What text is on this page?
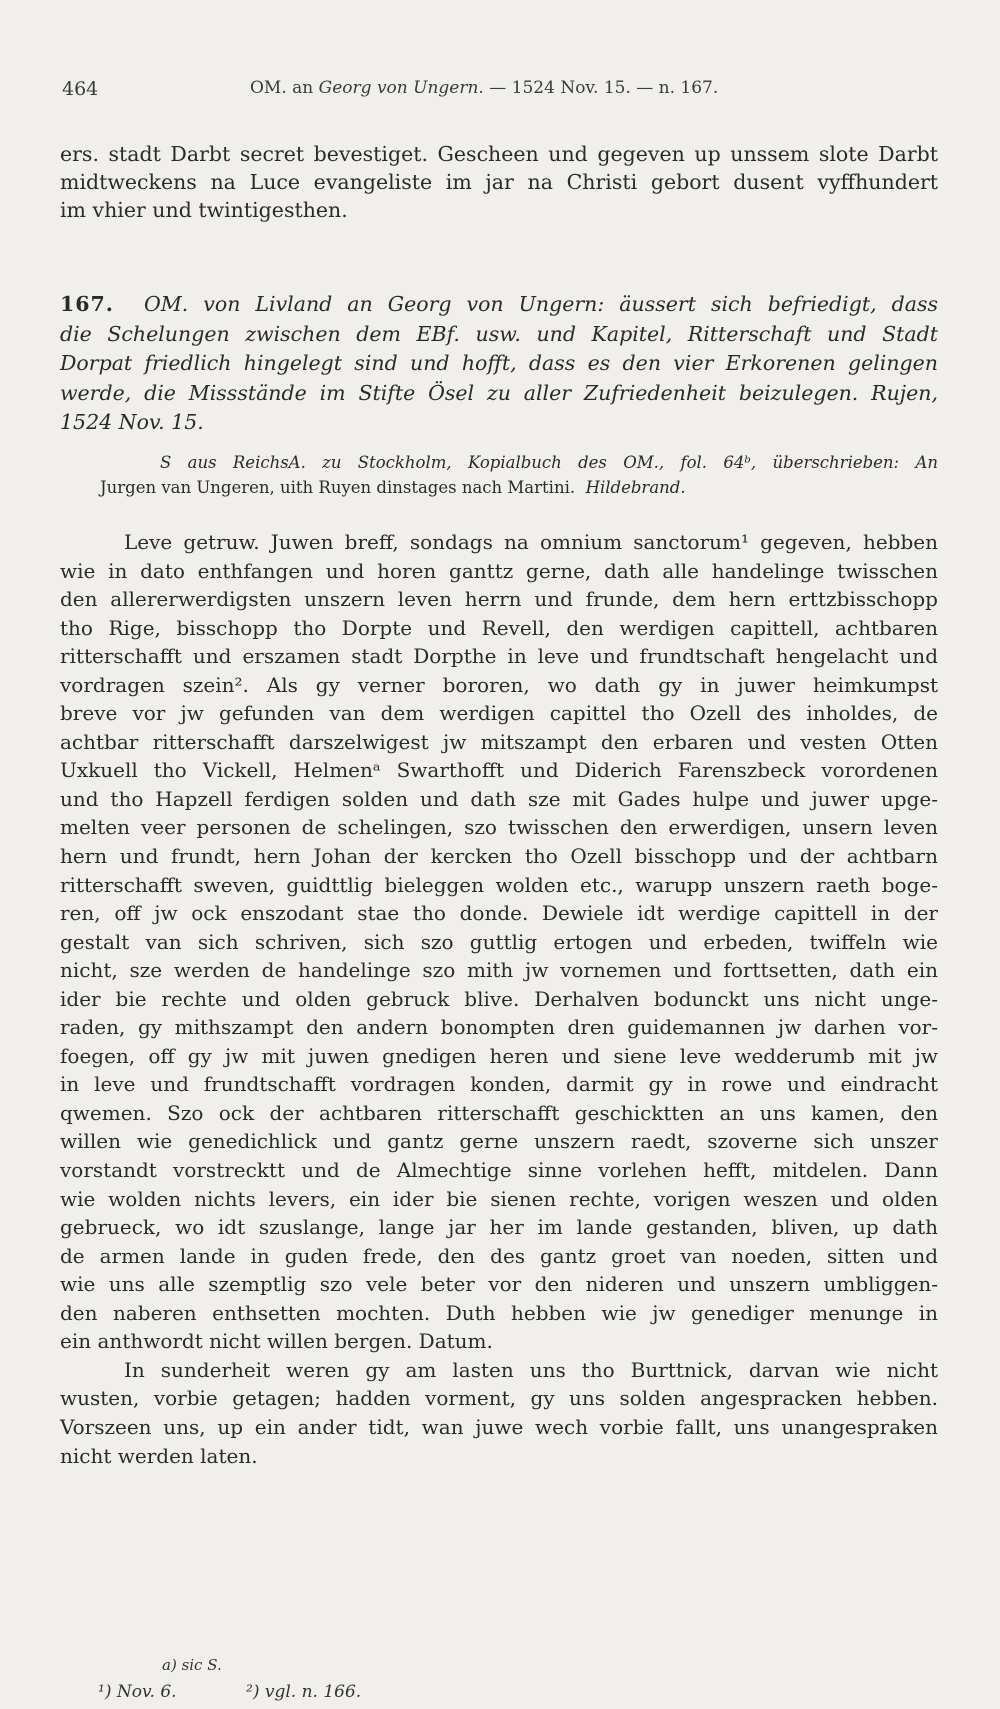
464	OM. an Georg von Ungern. — 1524 Nov. 15. — n. 167.

ers. stadt Darbt secret bevestiget. Gescheen und gegeven up unssem slote Darbt

midtweckens na Luce evangeliste im jar na Christi gebort dusent vyffhundert

im vhier und twintigesthen.

167. OM. von Livland an Georg von Ungern: äussert sich befriedigt, dass

die Schelungen zwischen dem EBf. usw. und Kapitel, Ritterschaft und Stadt

Dorpat friedlich hingelegt sind und hofft, dass es den vier Erkorenen gelingen

werde, die Missstände im Stifte Ösel zu aller Zufriedenheit beizulegen. Rujen,

1524 Nov. 15.

S aus ReichsA. zu Stockholm, Kopialbuch des OM., fol. 64ᵇ, überschrieben: An

Jurgen van Ungeren, uith Ruyen dinstages nach Martini. Hildebrand.

Leve getruw. Juwen breff, sondags na omnium sanctorum¹ gegeven, hebben

wie in dato enthfangen und horen ganttz gerne, dath alle handelinge twisschen

den allererwerdigsten unszern leven herrn und frunde, dem hern erttzbisschopp

tho Rige, bisschopp tho Dorpte und Revell, den werdigen capittell, achtbaren

ritterschafft und erszamen stadt Dorpthe in leve und frundtschaft hengelacht und

vordragen szein². Als gy verner bororen, wo dath gy in juwer heimkumpst

breve vor jw gefunden van dem werdigen capittel tho Ozell des inholdes, de

achtbar ritterschafft darszelwigest jw mitszampt den erbaren und vesten Otten

Uxkuell tho Vickell, Helmenᵃ Swarthofft und Diderich Farenszbeck vorordenen

und tho Hapzell ferdigen solden und dath sze mit Gades hulpe und juwer upge-

melten veer personen de schelingen, szo twisschen den erwerdigen, unsern leven

hern und frundt, hern Johan der kercken tho Ozell bisschopp und der achtbarn

ritterschafft sweven, guidttlig bieleggen wolden etc., warupp unszern raeth boge-

ren, off jw ock enszodant stae tho donde. Dewiele idt werdige capittell in der

gestalt van sich schriven, sich szo guttlig ertogen und erbeden, twiffeln wie

nicht, sze werden de handelinge szo mith jw vornemen und forttsetten, dath ein

ider bie rechte und olden gebruck blive. Derhalven bodunckt uns nicht unge-

raden, gy mithszampt den andern bonompten dren guidemannen jw darhen vor-

foegen, off gy jw mit juwen gnedigen heren und siene leve wedderumb mit jw

in leve und frundtschafft vordragen konden, darmit gy in rowe und eindracht

qwemen. Szo ock der achtbaren ritterschafft geschicktten an uns kamen, den

willen wie genedichlick und gantz gerne unszern raedt, szoverne sich unszer

vorstandt vorstrecktt und de Almechtige sinne vorlehen hefft, mitdelen. Dann

wie wolden nichts levers, ein ider bie sienen rechte, vorigen weszen und olden

gebrueck, wo idt szuslange, lange jar her im lande gestanden, bliven, up dath

de armen lande in guden frede, den des gantz groet van noeden, sitten und

wie uns alle szemptlig szo vele beter vor den nideren und unszern umbliggen-

den naberen enthsetten mochten. Duth hebben wie jw genediger menunge in

ein anthwordt nicht willen bergen. Datum.

In sunderheit weren gy am lasten uns tho Burttnick, darvan wie nicht

wusten, vorbie getagen; hadden vorment, gy uns solden angespracken hebben.

Vorszeen uns, up ein ander tidt, wan juwe wech vorbie fallt, uns unangespraken

nicht werden laten.

a) sic S.
¹) Nov. 6.	²) vgl. n. 166.
